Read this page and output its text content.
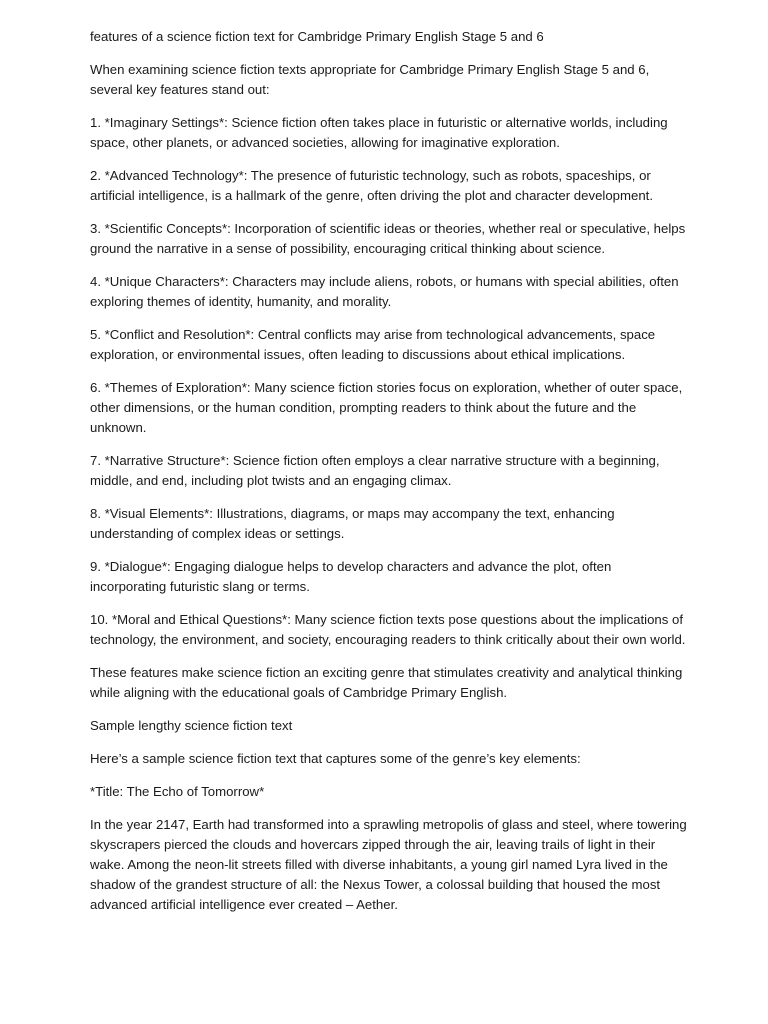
features of a science fiction text for Cambridge Primary English Stage 5 and 6

When examining science fiction texts appropriate for Cambridge Primary English Stage 5 and 6, several key features stand out:

1. *Imaginary Settings*: Science fiction often takes place in futuristic or alternative worlds, including space, other planets, or advanced societies, allowing for imaginative exploration.

2. *Advanced Technology*: The presence of futuristic technology, such as robots, spaceships, or artificial intelligence, is a hallmark of the genre, often driving the plot and character development.

3. *Scientific Concepts*: Incorporation of scientific ideas or theories, whether real or speculative, helps ground the narrative in a sense of possibility, encouraging critical thinking about science.

4. *Unique Characters*: Characters may include aliens, robots, or humans with special abilities, often exploring themes of identity, humanity, and morality.

5. *Conflict and Resolution*: Central conflicts may arise from technological advancements, space exploration, or environmental issues, often leading to discussions about ethical implications.

6. *Themes of Exploration*: Many science fiction stories focus on exploration, whether of outer space, other dimensions, or the human condition, prompting readers to think about the future and the unknown.

7. *Narrative Structure*: Science fiction often employs a clear narrative structure with a beginning, middle, and end, including plot twists and an engaging climax.

8. *Visual Elements*: Illustrations, diagrams, or maps may accompany the text, enhancing understanding of complex ideas or settings.

9. *Dialogue*: Engaging dialogue helps to develop characters and advance the plot, often incorporating futuristic slang or terms.

10. *Moral and Ethical Questions*: Many science fiction texts pose questions about the implications of technology, the environment, and society, encouraging readers to think critically about their own world.

These features make science fiction an exciting genre that stimulates creativity and analytical thinking while aligning with the educational goals of Cambridge Primary English.

Sample lengthy science fiction text

Here’s a sample science fiction text that captures some of the genre’s key elements:

*Title: The Echo of Tomorrow*

In the year 2147, Earth had transformed into a sprawling metropolis of glass and steel, where towering skyscrapers pierced the clouds and hovercars zipped through the air, leaving trails of light in their wake. Among the neon-lit streets filled with diverse inhabitants, a young girl named Lyra lived in the shadow of the grandest structure of all: the Nexus Tower, a colossal building that housed the most advanced artificial intelligence ever created – Aether.
